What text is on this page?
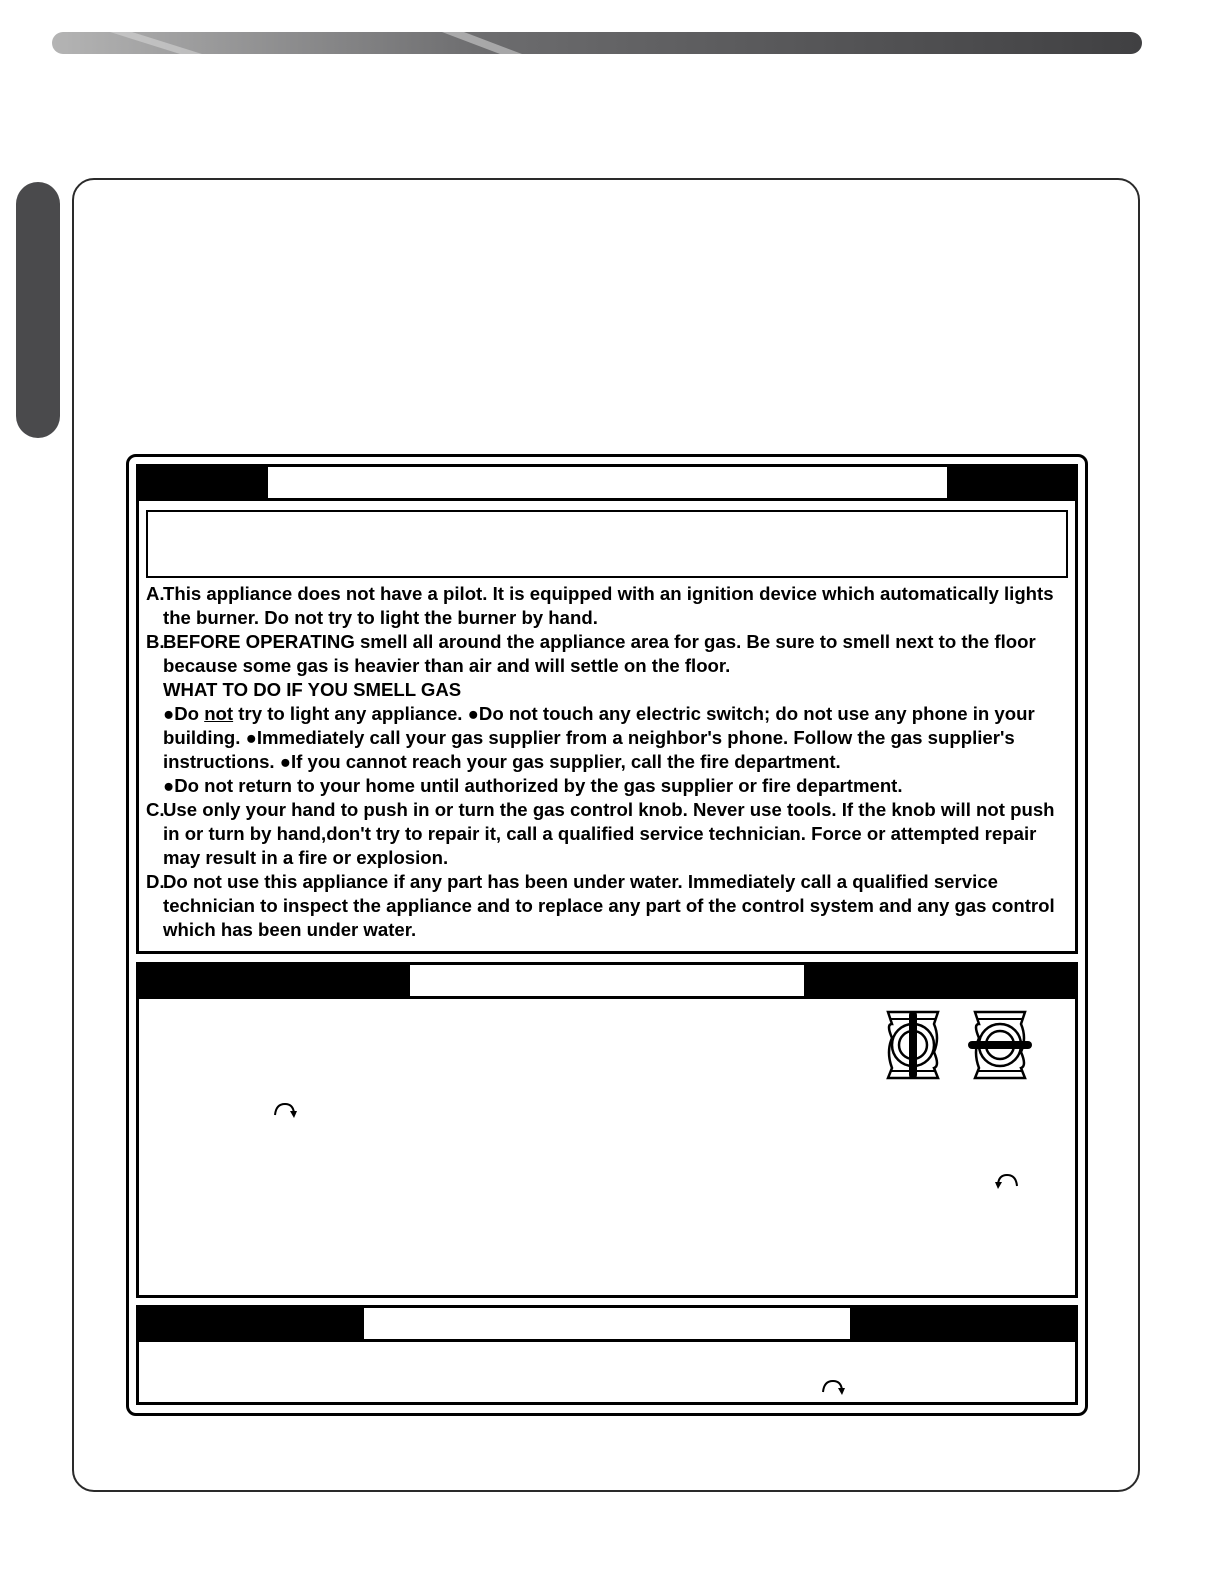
A.
This appliance does not have a pilot. It is equipped with an ignition device which automatically lights the burner. Do not try to light the burner by hand.
B.
BEFORE OPERATING smell all around the appliance area for gas. Be sure to smell next to the floor because some gas is heavier than air and will settle on the floor.
WHAT TO DO IF YOU SMELL GAS
●Do not try to light any appliance. ●Do not touch any electric switch; do not use any phone in your building. ●Immediately call your gas supplier from a neighbor's phone. Follow the gas supplier's instructions. ●If you cannot reach your gas supplier, call the fire department.
●Do not return to your home until authorized by the gas supplier or fire department.
C.
Use only your hand to push in or turn the gas control knob. Never use tools. If the knob will not push in or turn by hand,don't try to repair it, call a qualified service technician. Force or attempted repair may result in a fire or explosion.
D.
Do not use this appliance if any part has been under water. Immediately call a qualified service technician to inspect the appliance and to replace any part of the control system and any gas control which has been under water.
